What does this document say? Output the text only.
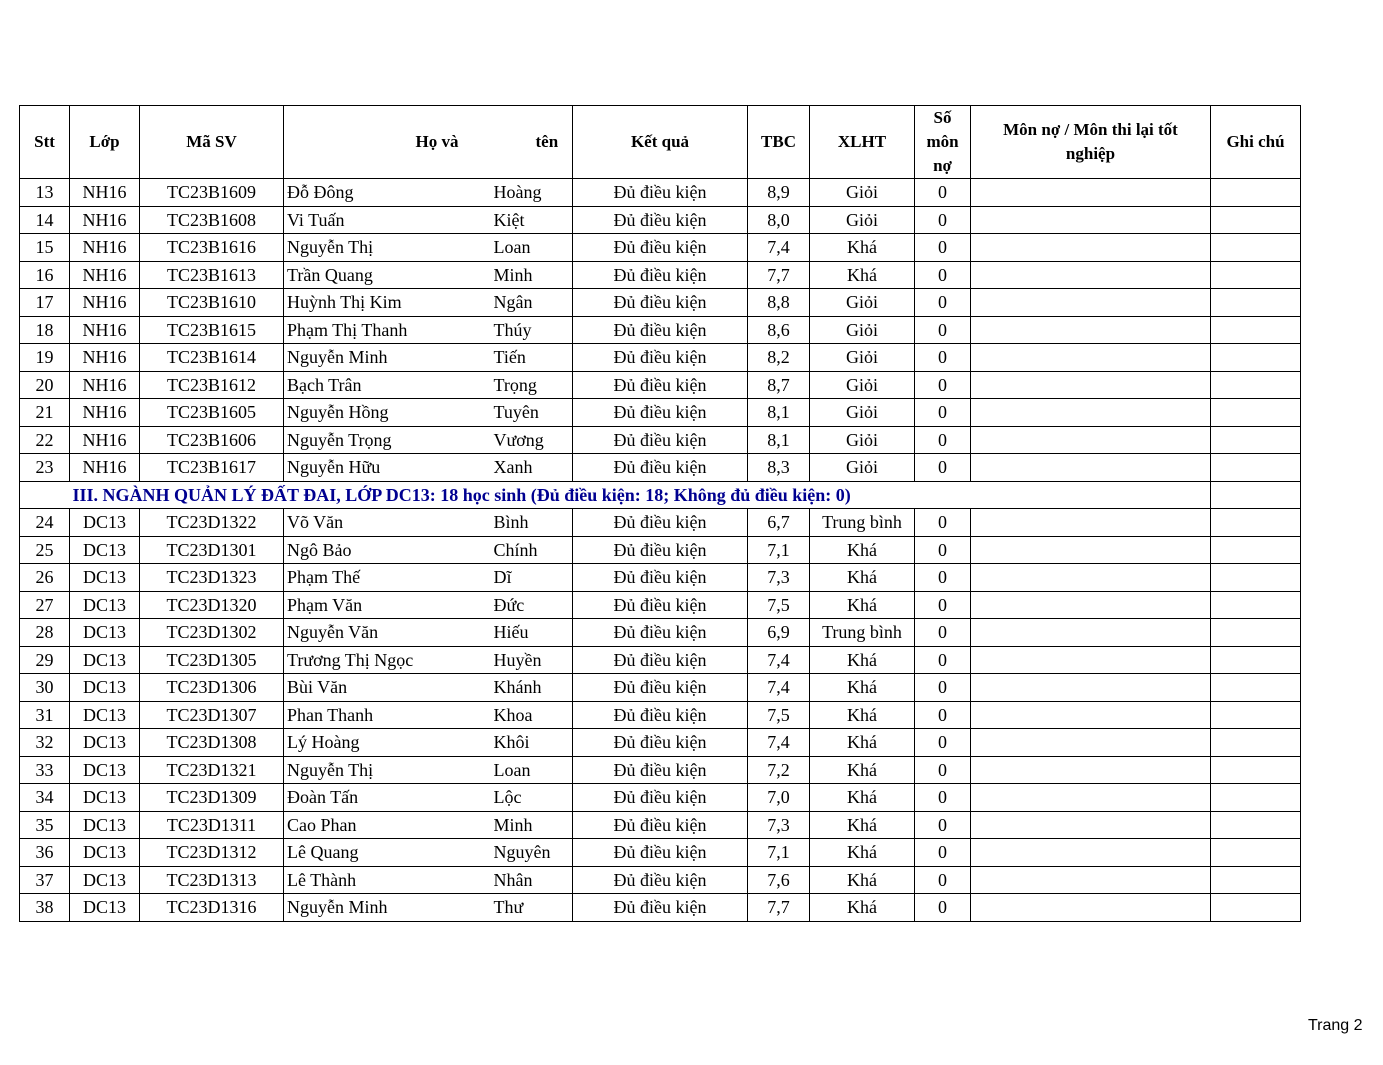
Stt	Lớp	Mã SV	Họ và	tên	Kết quả	TBC	XLHT	Số môn nợ	Môn nợ / Môn thi lại tốt nghiệp	Ghi chú
13	NH16	TC23B1609	Đỗ Đông	Hoàng	Đủ điều kiện	8,9	Giỏi	0		
14	NH16	TC23B1608	Vi Tuấn	Kiệt	Đủ điều kiện	8,0	Giỏi	0		
15	NH16	TC23B1616	Nguyễn Thị	Loan	Đủ điều kiện	7,4	Khá	0		
16	NH16	TC23B1613	Trần Quang	Minh	Đủ điều kiện	7,7	Khá	0		
17	NH16	TC23B1610	Huỳnh Thị Kim	Ngân	Đủ điều kiện	8,8	Giỏi	0		
18	NH16	TC23B1615	Phạm Thị Thanh	Thúy	Đủ điều kiện	8,6	Giỏi	0		
19	NH16	TC23B1614	Nguyễn Minh	Tiến	Đủ điều kiện	8,2	Giỏi	0		
20	NH16	TC23B1612	Bạch Trân	Trọng	Đủ điều kiện	8,7	Giỏi	0		
21	NH16	TC23B1605	Nguyễn Hồng	Tuyên	Đủ điều kiện	8,1	Giỏi	0		
22	NH16	TC23B1606	Nguyễn Trọng	Vương	Đủ điều kiện	8,1	Giỏi	0		
23	NH16	TC23B1617	Nguyễn Hữu	Xanh	Đủ điều kiện	8,3	Giỏi	0		
	III. NGÀNH QUẢN LÝ ĐẤT ĐAI, LỚP DC13: 18 học sinh (Đủ điều kiện: 18; Không đủ điều kiện: 0)									
24	DC13	TC23D1322	Võ Văn	Bình	Đủ điều kiện	6,7	Trung bình	0		
25	DC13	TC23D1301	Ngô Bảo	Chính	Đủ điều kiện	7,1	Khá	0		
26	DC13	TC23D1323	Phạm Thế	Dĩ	Đủ điều kiện	7,3	Khá	0		
27	DC13	TC23D1320	Phạm Văn	Đức	Đủ điều kiện	7,5	Khá	0		
28	DC13	TC23D1302	Nguyễn Văn	Hiếu	Đủ điều kiện	6,9	Trung bình	0		
29	DC13	TC23D1305	Trương Thị Ngọc	Huyền	Đủ điều kiện	7,4	Khá	0		
30	DC13	TC23D1306	Bùi Văn	Khánh	Đủ điều kiện	7,4	Khá	0		
31	DC13	TC23D1307	Phan Thanh	Khoa	Đủ điều kiện	7,5	Khá	0		
32	DC13	TC23D1308	Lý Hoàng	Khôi	Đủ điều kiện	7,4	Khá	0		
33	DC13	TC23D1321	Nguyễn Thị	Loan	Đủ điều kiện	7,2	Khá	0		
34	DC13	TC23D1309	Đoàn Tấn	Lộc	Đủ điều kiện	7,0	Khá	0		
35	DC13	TC23D1311	Cao Phan	Minh	Đủ điều kiện	7,3	Khá	0		
36	DC13	TC23D1312	Lê Quang	Nguyên	Đủ điều kiện	7,1	Khá	0		
37	DC13	TC23D1313	Lê Thành	Nhân	Đủ điều kiện	7,6	Khá	0		
38	DC13	TC23D1316	Nguyễn Minh	Thư	Đủ điều kiện	7,7	Khá	0		
Trang 2
